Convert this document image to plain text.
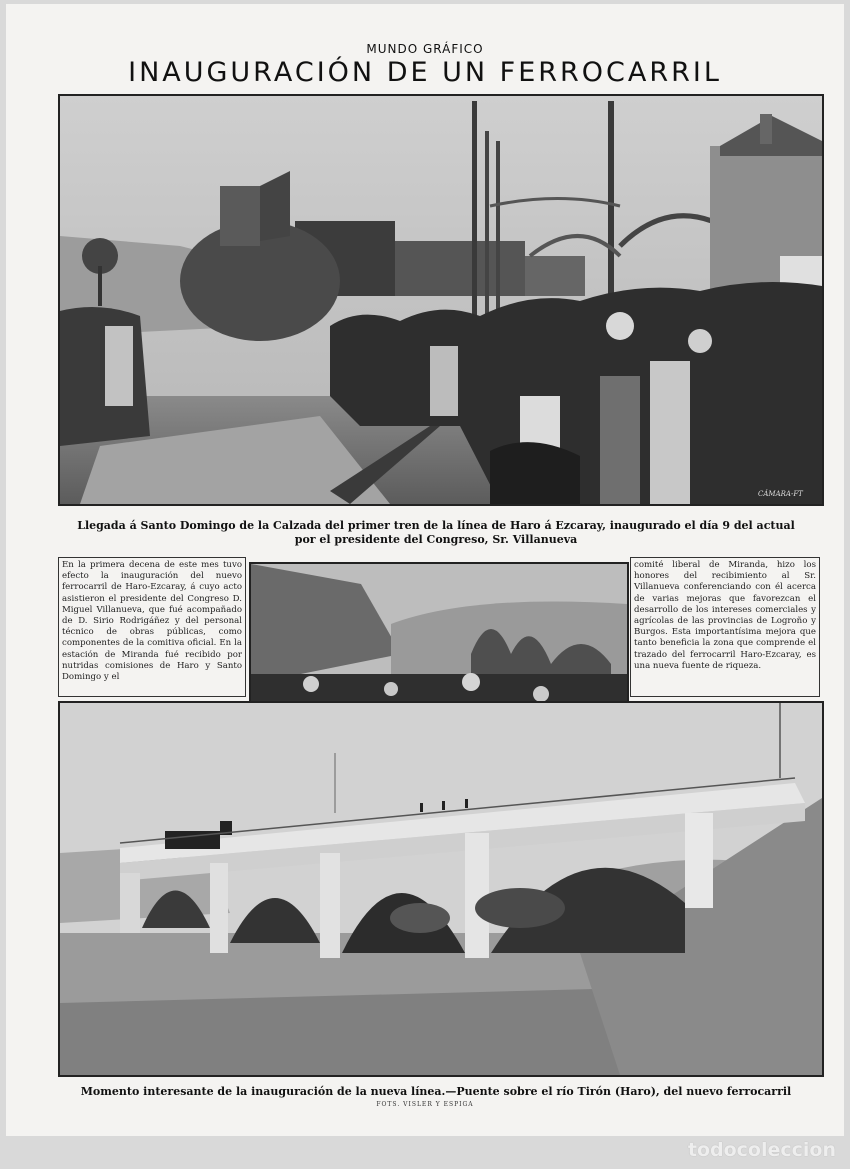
MUNDO GRÁFICO
INAUGURACIÓN DE UN FERROCARRIL
CÁMARA-FT
Llegada á Santo Domingo de la Calzada del primer tren de la línea de Haro á Ezcaray, inaugurado el día 9 del actual
por el presidente del Congreso, Sr. Villanueva
En la primera decena de este mes tuvo efecto la inauguración del nuevo ferrocarril de Haro-Ezcaray, á cuyo acto asistieron el presidente del Congreso D. Miguel Villanueva, que fué acompañado de D. Sirio Rodrigáñez y del personal técnico de obras públicas, como componentes de la comitiva oficial. En la estación de Miranda fué recibido por nutridas comisiones de Haro y Santo Domingo y el
comité liberal de Miranda, hizo los honores del recibimiento al Sr. Villanueva conferenciando con él acerca de varias mejoras que favorezcan el desarrollo de los intereses comerciales y agrícolas de las provincias de Logroño y Burgos. Esta importantísima mejora que tanto beneficia la zona que comprende el trazado del ferrocarril Haro-Ezcaray, es una nueva fuente de riqueza.
Momento interesante de la inauguración de la nueva línea.—Puente sobre el río Tirón (Haro), del nuevo ferrocarril
FOTS. VISLER Y ESPIGA
todocoleccion
